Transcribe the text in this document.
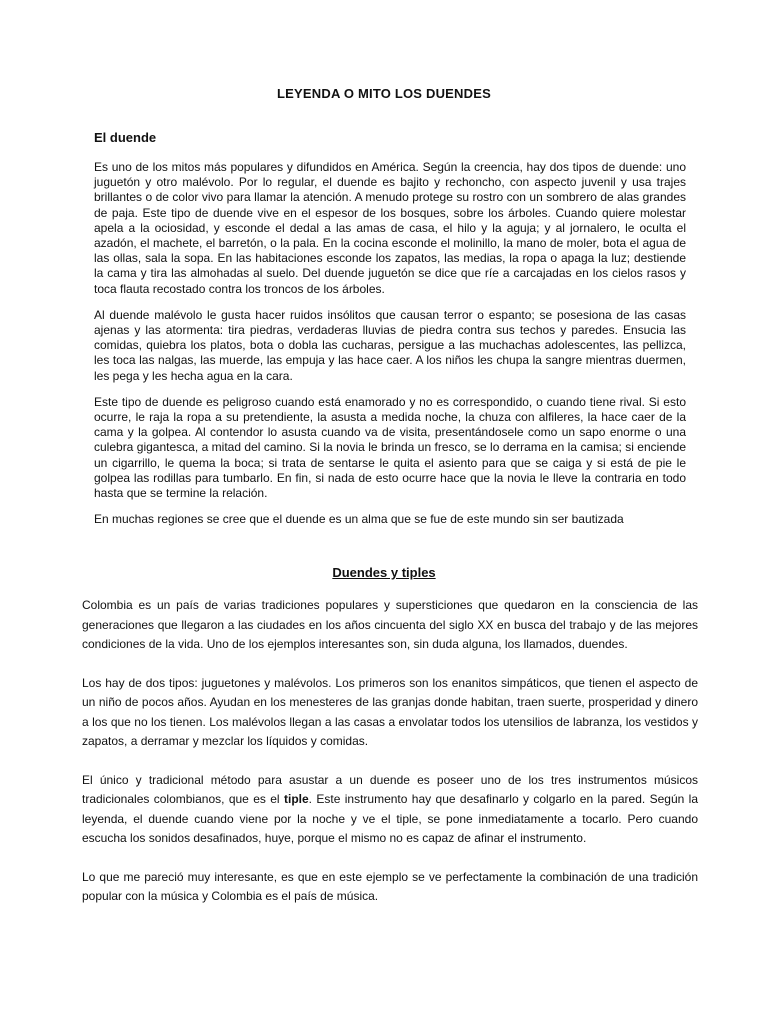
LEYENDA O MITO LOS DUENDES
El duende

Es uno de los mitos más populares y difundidos en América. Según la creencia, hay dos tipos de duende: uno juguetón y otro malévolo. Por lo regular, el duende es bajito y rechoncho, con aspecto juvenil y usa trajes brillantes o de color vivo para llamar la atención. A menudo protege su rostro con un sombrero de alas grandes de paja. Este tipo de duende vive en el espesor de los bosques, sobre los árboles. Cuando quiere molestar apela a la ociosidad, y esconde el dedal a las amas de casa, el hilo y la aguja; y al jornalero, le oculta el azadón, el machete, el barretón, o la pala. En la cocina esconde el molinillo, la mano de moler, bota el agua de las ollas, sala la sopa. En las habitaciones esconde los zapatos, las medias, la ropa o apaga la luz; destiende la cama y tira las almohadas al suelo. Del duende juguetón se dice que ríe a carcajadas en los cielos rasos y toca flauta recostado contra los troncos de los árboles.

Al duende malévolo le gusta hacer ruidos insólitos que causan terror o espanto; se posesiona de las casas ajenas y las atormenta: tira piedras, verdaderas lluvias de piedra contra sus techos y paredes. Ensucia las comidas, quiebra los platos, bota o dobla las cucharas, persigue a las muchachas adolescentes, las pellizca, les toca las nalgas, las muerde, las empuja y las hace caer. A los niños les chupa la sangre mientras duermen, les pega y les hecha agua en la cara.

Este tipo de duende es peligroso cuando está enamorado y no es correspondido, o cuando tiene rival. Si esto ocurre, le raja la ropa a su pretendiente, la asusta a medida noche, la chuza con alfileres, la hace caer de la cama y la golpea. Al contendor lo asusta cuando va de visita, presentándosele como un sapo enorme o una culebra gigantesca, a mitad del camino. Si la novia le brinda un fresco, se lo derrama en la camisa; si enciende un cigarrillo, le quema la boca; si trata de sentarse le quita el asiento para que se caiga y si está de pie le golpea las rodillas para tumbarlo. En fin, si nada de esto ocurre hace que la novia le lleve la contraria en todo hasta que se termine la relación.

En muchas regiones se cree que el duende es un alma que se fue de este mundo sin ser bautizada

Duendes y tiples

Colombia es un país de varias tradiciones populares y supersticiones que quedaron en la consciencia de las generaciones que llegaron a las ciudades en los años cincuenta del siglo XX en busca del trabajo y de las mejores condiciones de la vida. Uno de los ejemplos interesantes son, sin duda alguna, los llamados, duendes.

Los hay de dos tipos: juguetones y malévolos. Los primeros son los enanitos simpáticos, que tienen el aspecto de un niño de pocos años. Ayudan en los menesteres de las granjas donde habitan, traen suerte, prosperidad y dinero a los que no los tienen. Los malévolos llegan a las casas a envolatar todos los utensilios de labranza, los vestidos y zapatos, a derramar y mezclar los líquidos y comidas.

El único y tradicional método para asustar a un duende es poseer uno de los tres instrumentos músicos tradicionales colombianos, que es el tiple. Este instrumento hay que desafinarlo y colgarlo en la pared. Según la leyenda, el duende cuando viene por la noche y ve el tiple, se pone inmediatamente a tocarlo. Pero cuando escucha los sonidos desafinados, huye, porque el mismo no es capaz de afinar el instrumento.

Lo que me pareció muy interesante, es que en este ejemplo se ve perfectamente la combinación de una tradición popular con la música y Colombia es el país de música.
